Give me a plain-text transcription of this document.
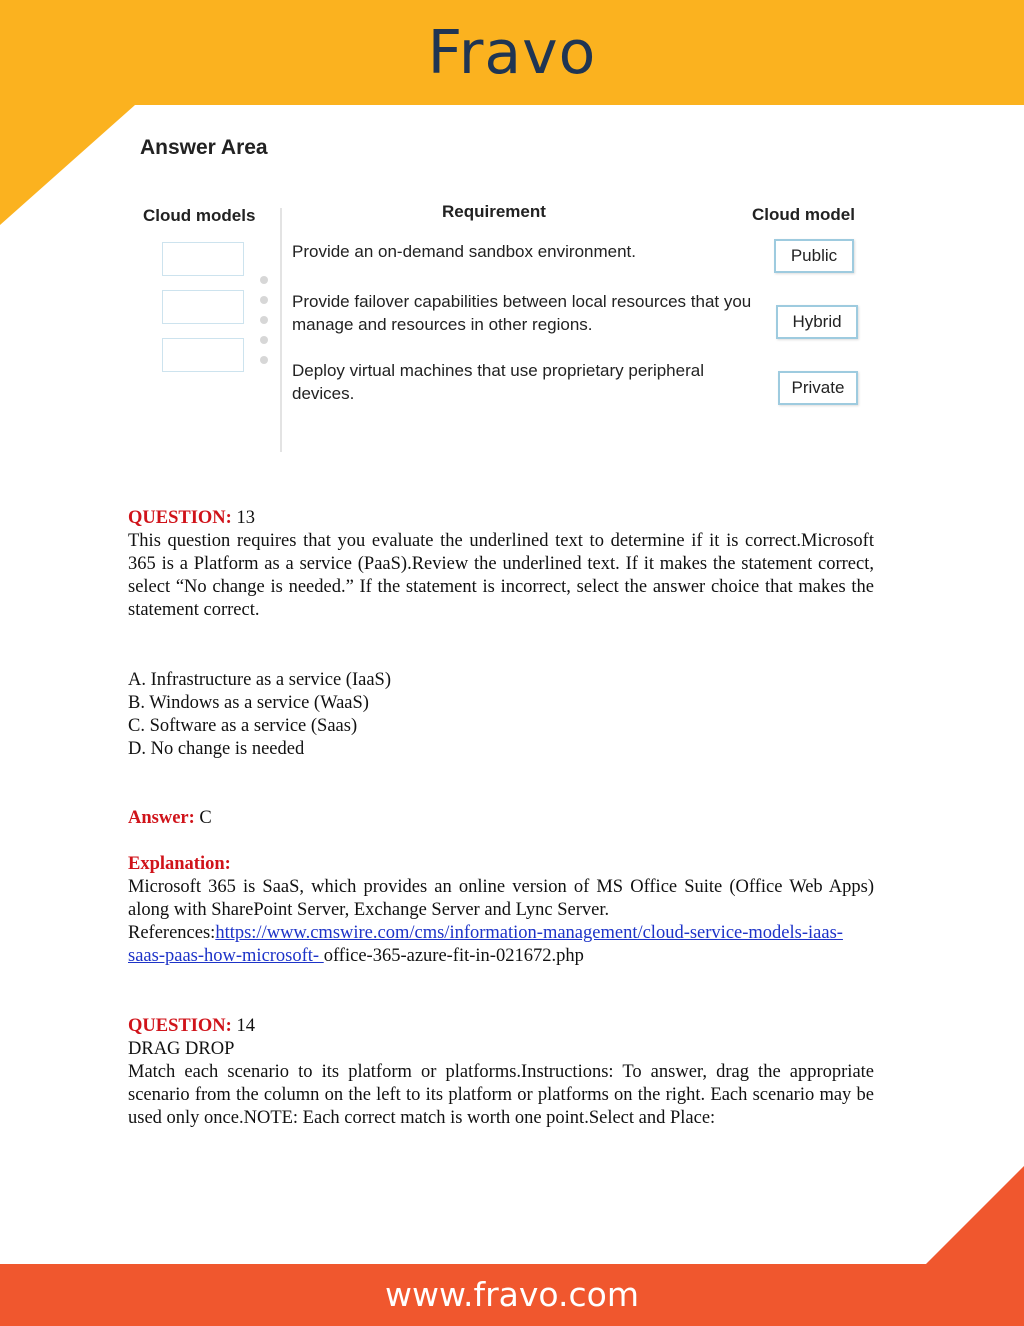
Fravo
Answer Area
Cloud models	Requirement	Cloud model
Provide an on-demand sandbox environment.
Provide failover capabilities between local resources that you manage and resources in other regions.
Deploy virtual machines that use proprietary peripheral devices.
Public
Hybrid
Private
QUESTION: 13
This question requires that you evaluate the underlined text to determine if it is correct.Microsoft 365 is a Platform as a service (PaaS).Review the underlined text. If it makes the statement correct, select “No change is needed.” If the statement is incorrect, select the answer choice that makes the statement correct.
A. Infrastructure as a service (IaaS)
B. Windows as a service (WaaS)
C. Software as a service (Saas)
D. No change is needed
Answer: C
Explanation:
Microsoft 365 is SaaS, which provides an online version of MS Office Suite (Office Web Apps) along with SharePoint Server, Exchange Server and Lync Server.
References:https://www.cmswire.com/cms/information-management/cloud-service-models-iaas-saas-paas-how-microsoft- office-365-azure-fit-in-021672.php
QUESTION: 14
DRAG DROP
Match each scenario to its platform or platforms.Instructions: To answer, drag the appropriate scenario from the column on the left to its platform or platforms on the right. Each scenario may be used only once.NOTE: Each correct match is worth one point.Select and Place:
www.fravo.com
